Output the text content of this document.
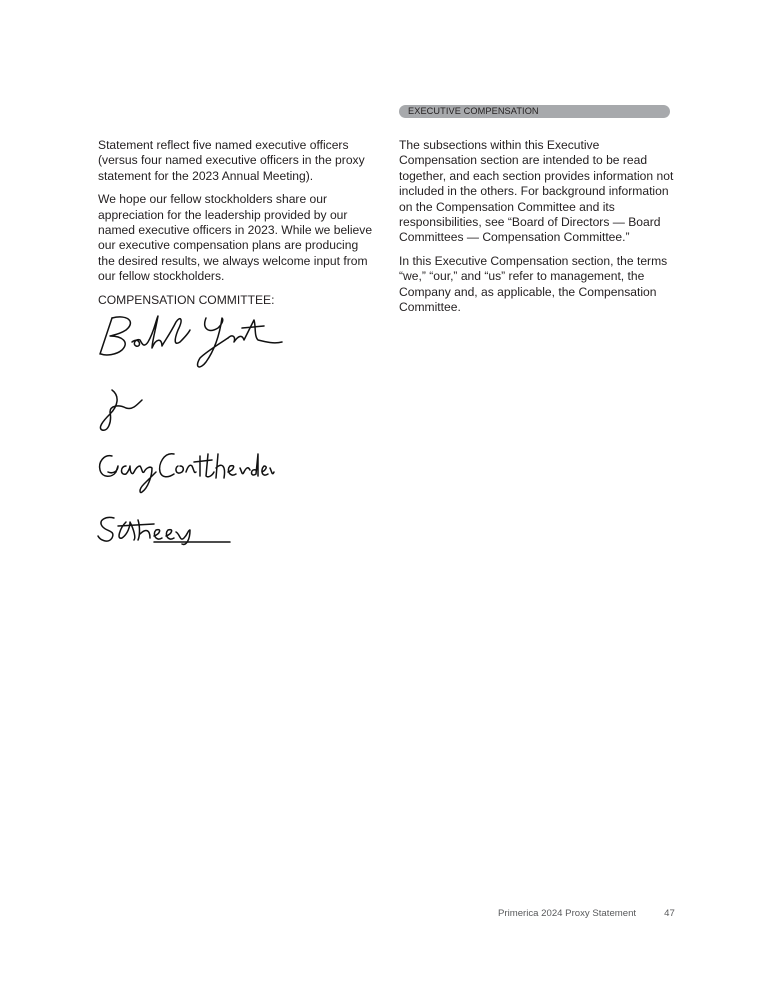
EXECUTIVE COMPENSATION

Statement reflect five named executive officers (versus four named executive officers in the proxy statement for the 2023 Annual Meeting).

We hope our fellow stockholders share our appreciation for the leadership provided by our named executive officers in 2023. While we believe our executive compensation plans are producing the desired results, we always welcome input from our fellow stockholders.

COMPENSATION COMMITTEE:

The subsections within this Executive Compensation section are intended to be read together, and each section provides information not included in the others. For background information on the Compensation Committee and its responsibilities, see “Board of Directors — Board Committees — Compensation Committee.”

In this Executive Compensation section, the terms “we,” “our,” and “us” refer to management, the Company and, as applicable, the Compensation Committee.

Primerica 2024 Proxy Statement	47
